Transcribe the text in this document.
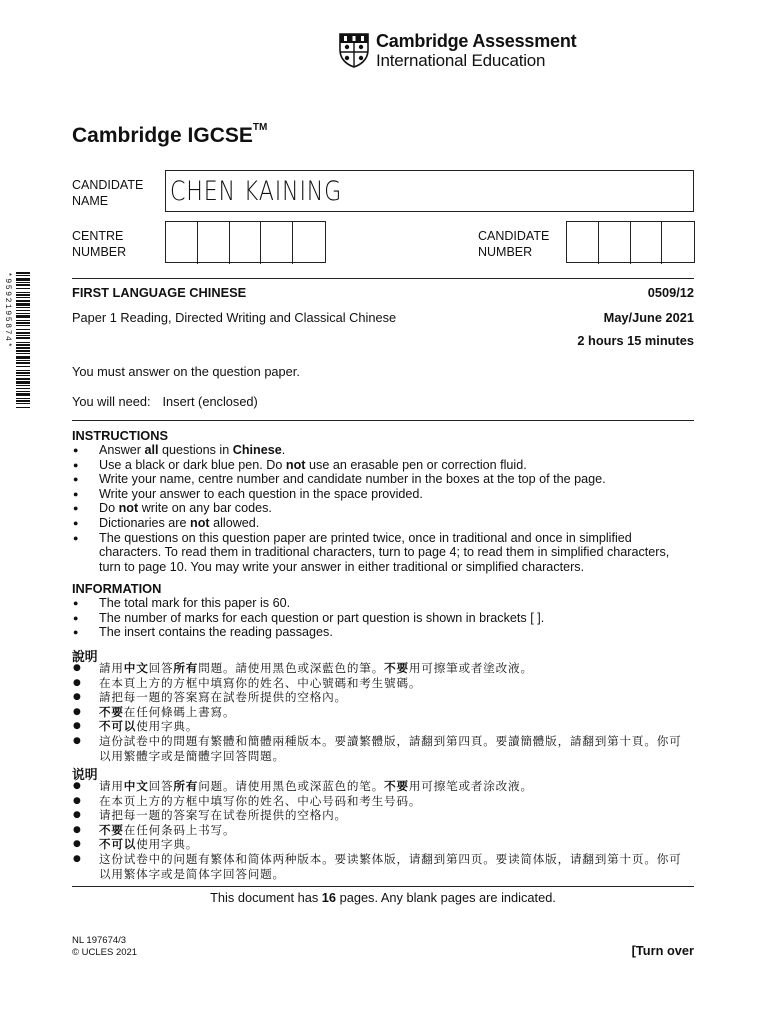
Cambridge Assessment
International Education
Cambridge IGCSE™
CANDIDATE
NAME	CHEN KAINING
CENTRE
NUMBER
CANDIDATE
NUMBER
*9592195874*	FIRST LANGUAGE CHINESE	0509/12
Paper 1 Reading, Directed Writing and Classical Chinese	May/June 2021
2 hours 15 minutes
You must answer on the question paper.
You will need: Insert (enclosed)
INSTRUCTIONS
● Answer all questions in Chinese.
● Use a black or dark blue pen. Do not use an erasable pen or correction fluid.
● Write your name, centre number and candidate number in the boxes at the top of the page.
● Write your answer to each question in the space provided.
● Do not write on any bar codes.
● Dictionaries are not allowed.
● The questions on this question paper are printed twice, once in traditional and once in simplified characters. To read them in traditional characters, turn to page 4; to read them in simplified characters, turn to page 10. You may write your answer in either traditional or simplified characters.
INFORMATION
● The total mark for this paper is 60.
● The number of marks for each question or part question is shown in brackets [ ].
● The insert contains the reading passages.
說明
● 請用中文回答所有問題。請使用黑色或深藍色的筆。不要用可擦筆或者塗改液。
● 在本頁上方的方框中填寫你的姓名、中心號碼和考生號碼。
● 請把每一題的答案寫在試卷所提供的空格內。
● 不要在任何條碼上書寫。
● 不可以使用字典。
● 這份試卷中的問題有繁體和簡體兩種版本。要讀繁體版，請翻到第四頁。要讀簡體版，請翻到第十頁。你可以用繁體字或是簡體字回答問題。
说明
● 请用中文回答所有问题。请使用黑色或深蓝色的笔。不要用可擦笔或者涂改液。
● 在本页上方的方框中填写你的姓名、中心号码和考生号码。
● 请把每一题的答案写在试卷所提供的空格内。
● 不要在任何条码上书写。
● 不可以使用字典。
● 这份试卷中的问题有繁体和简体两种版本。要读繁体版，请翻到第四页。要读简体版，请翻到第十页。你可以用繁体字或是简体字回答问题。
This document has 16 pages. Any blank pages are indicated.
NL 197674/3
© UCLES 2021	[Turn over
